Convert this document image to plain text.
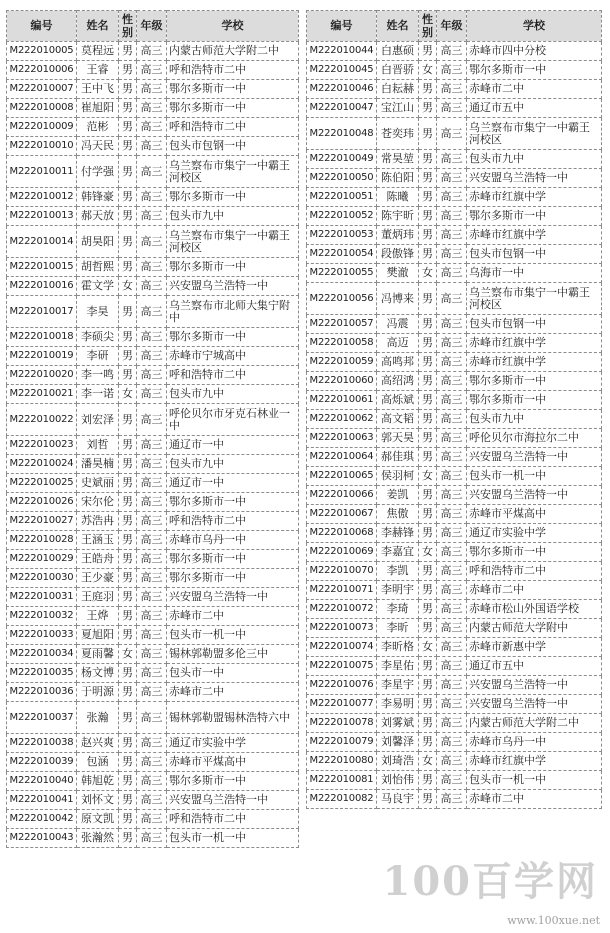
编号	姓名	性别	年级	学校
M222010005	莫程远	男	高三	内蒙古师范大学附二中
M222010006	王睿	男	高三	呼和浩特市二中
M222010007	王中飞	男	高三	鄂尔多斯市一中
M222010008	崔旭阳	男	高三	鄂尔多斯市一中
M222010009	范彬	男	高三	呼和浩特市二中
M222010010	冯天民	男	高三	包头市包钢一中
M222010011	付学强	男	高三	乌兰察布市集宁一中霸王河校区
M222010012	韩锋豪	男	高三	鄂尔多斯市一中
M222010013	郝天放	男	高三	包头市九中
M222010014	胡昊阳	男	高三	乌兰察布市集宁一中霸王河校区
M222010015	胡哲熙	男	高三	鄂尔多斯市一中
M222010016	霍文学	女	高三	兴安盟乌兰浩特一中
M222010017	李昊	男	高三	乌兰察布市北师大集宁附中
M222010018	李硕尖	男	高三	鄂尔多斯市一中
M222010019	李研	男	高三	赤峰市宁城高中
M222010020	李一鸣	男	高三	呼和浩特市二中
M222010021	李一诺	女	高三	包头市九中
M222010022	刘宏泽	男	高三	呼伦贝尔市牙克石林业一中
M222010023	刘哲	男	高三	通辽市一中
M222010024	潘昊楠	男	高三	包头市九中
M222010025	史斌丽	男	高三	通辽市一中
M222010026	宋尔伦	男	高三	鄂尔多斯市一中
M222010027	苏浩冉	男	高三	呼和浩特市二中
M222010028	王涵玉	男	高三	赤峰市乌丹一中
M222010029	王皓舟	男	高三	鄂尔多斯市一中
M222010030	王少豪	男	高三	鄂尔多斯市一中
M222010031	王庭羽	男	高三	兴安盟乌兰浩特一中
M222010032	王烨	男	高三	赤峰市二中
M222010033	夏旭阳	男	高三	包头市一机一中
M222010034	夏雨馨	女	高三	锡林郭勒盟多伦三中
M222010035	杨文博	男	高三	包头市一中
M222010036	于明源	男	高三	赤峰市二中
M222010037	张瀚	男	高三	锡林郭勒盟锡林浩特六中
M222010038	赵兴爽	男	高三	通辽市实验中学
M222010039	包涵	男	高三	赤峰市平煤高中
M222010040	韩旭乾	男	高三	鄂尔多斯市一中
M222010041	刘怀文	男	高三	兴安盟乌兰浩特一中
M222010042	原文凯	男	高三	呼和浩特市二中
M222010043	张瀚然	男	高三	包头市一机一中
编号	姓名	性别	年级	学校
M222010044	白惠硕	男	高三	赤峰市四中分校
M222010045	白晋骄	女	高三	鄂尔多斯市一中
M222010046	白耘赫	男	高三	赤峰市二中
M222010047	宝江山	男	高三	通辽市五中
M222010048	苍奕玮	男	高三	乌兰察布市集宁一中霸王河校区
M222010049	常昊堃	男	高三	包头市九中
M222010050	陈伯阳	男	高三	兴安盟乌兰浩特一中
M222010051	陈曦	男	高三	赤峰市红旗中学
M222010052	陈宇昕	男	高三	鄂尔多斯市一中
M222010053	董炳玮	男	高三	赤峰市红旗中学
M222010054	段傲锋	男	高三	包头市包钢一中
M222010055	樊澈	女	高三	乌海市一中
M222010056	冯博来	男	高三	乌兰察布市集宁一中霸王河校区
M222010057	冯震	男	高三	包头市包钢一中
M222010058	高迈	男	高三	赤峰市红旗中学
M222010059	高鸣邦	男	高三	赤峰市红旗中学
M222010060	高绍鸿	男	高三	鄂尔多斯市一中
M222010061	高烁斌	男	高三	鄂尔多斯市一中
M222010062	高文韬	男	高三	包头市九中
M222010063	郭天昊	男	高三	呼伦贝尔市海拉尔二中
M222010064	郝佳琪	男	高三	兴安盟乌兰浩特一中
M222010065	侯羽柯	女	高三	包头市一机一中
M222010066	姜凯	男	高三	兴安盟乌兰浩特一中
M222010067	焦傲	男	高三	赤峰市平煤高中
M222010068	李赫锋	男	高三	通辽市实验中学
M222010069	李嘉宜	女	高三	鄂尔多斯市一中
M222010070	李凯	男	高三	呼和浩特市二中
M222010071	李明宇	男	高三	赤峰市二中
M222010072	李琦	男	高三	赤峰市松山外国语学校
M222010073	李昕	男	高三	内蒙古师范大学附中
M222010074	李昕格	女	高三	赤峰市新惠中学
M222010075	李星佑	男	高三	通辽市五中
M222010076	李星宇	男	高三	兴安盟乌兰浩特一中
M222010077	李易明	男	高三	兴安盟乌兰浩特一中
M222010078	刘雾斌	男	高三	内蒙古师范大学附二中
M222010079	刘馨泽	男	高三	赤峰市乌丹一中
M222010080	刘琦浩	女	高三	赤峰市红旗中学
M222010081	刘怡伟	男	高三	包头市一机一中
M222010082	马良宇	男	高三	赤峰市二中
100百学网
www.100xue.net
